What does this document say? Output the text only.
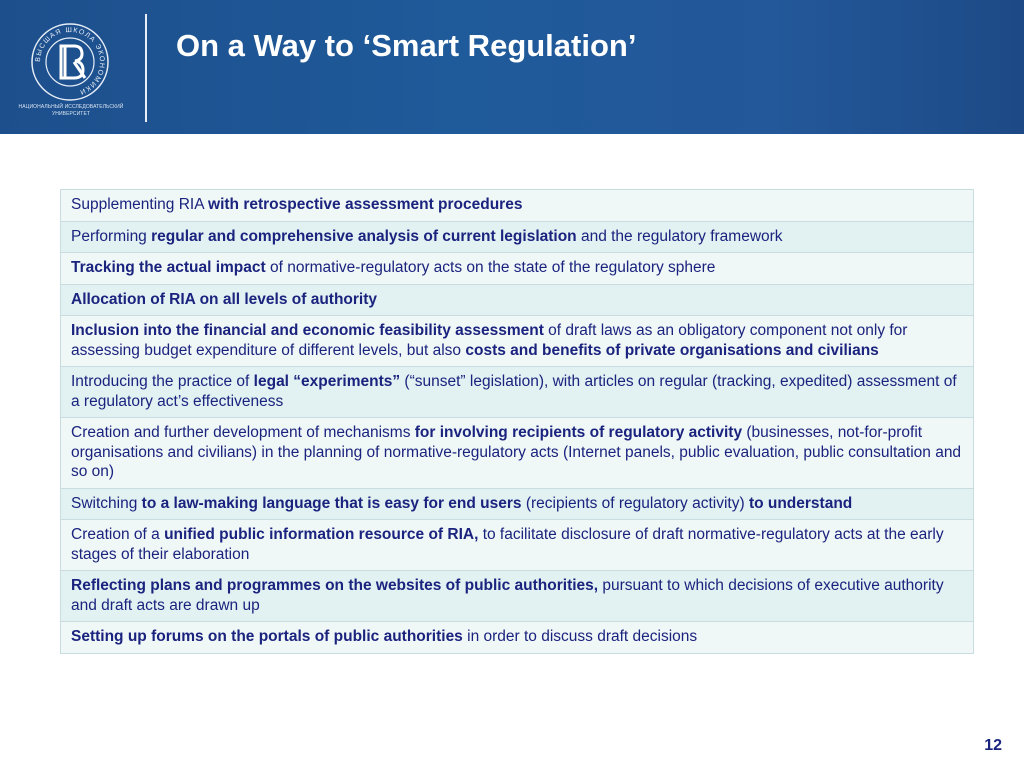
ВЫСШАЯ ШКОЛА ЭКОНОМИКИ
НАЦИОНАЛЬНЫЙ ИССЛЕДОВАТЕЛЬСКИЙ УНИВЕРСИТЕТ
On a Way to ‘Smart Regulation’
Supplementing RIA with retrospective assessment procedures
Performing regular and comprehensive analysis of current legislation and the regulatory framework
Tracking the actual impact of normative-regulatory acts on the state of the regulatory sphere
Allocation of RIA on all levels of authority
Inclusion into the financial and economic feasibility assessment of draft laws as an obligatory component not only for assessing budget expenditure of different levels, but also costs and benefits of private organisations and civilians
Introducing the practice of legal “experiments” (“sunset” legislation), with articles on regular (tracking, expedited) assessment of a regulatory act’s effectiveness
Creation and further development of mechanisms for involving recipients of regulatory activity (businesses, not-for-profit organisations and civilians) in the planning of normative-regulatory acts (Internet panels, public evaluation, public consultation and so on)
Switching to a law-making language that is easy for end users (recipients of regulatory activity) to understand
Creation of a unified public information resource of RIA, to facilitate disclosure of draft normative-regulatory acts at the early stages of their elaboration
Reflecting plans and programmes on the websites of public authorities, pursuant to which decisions of executive authority and draft acts are drawn up
Setting up forums on the portals of public authorities in order to discuss draft decisions
12
